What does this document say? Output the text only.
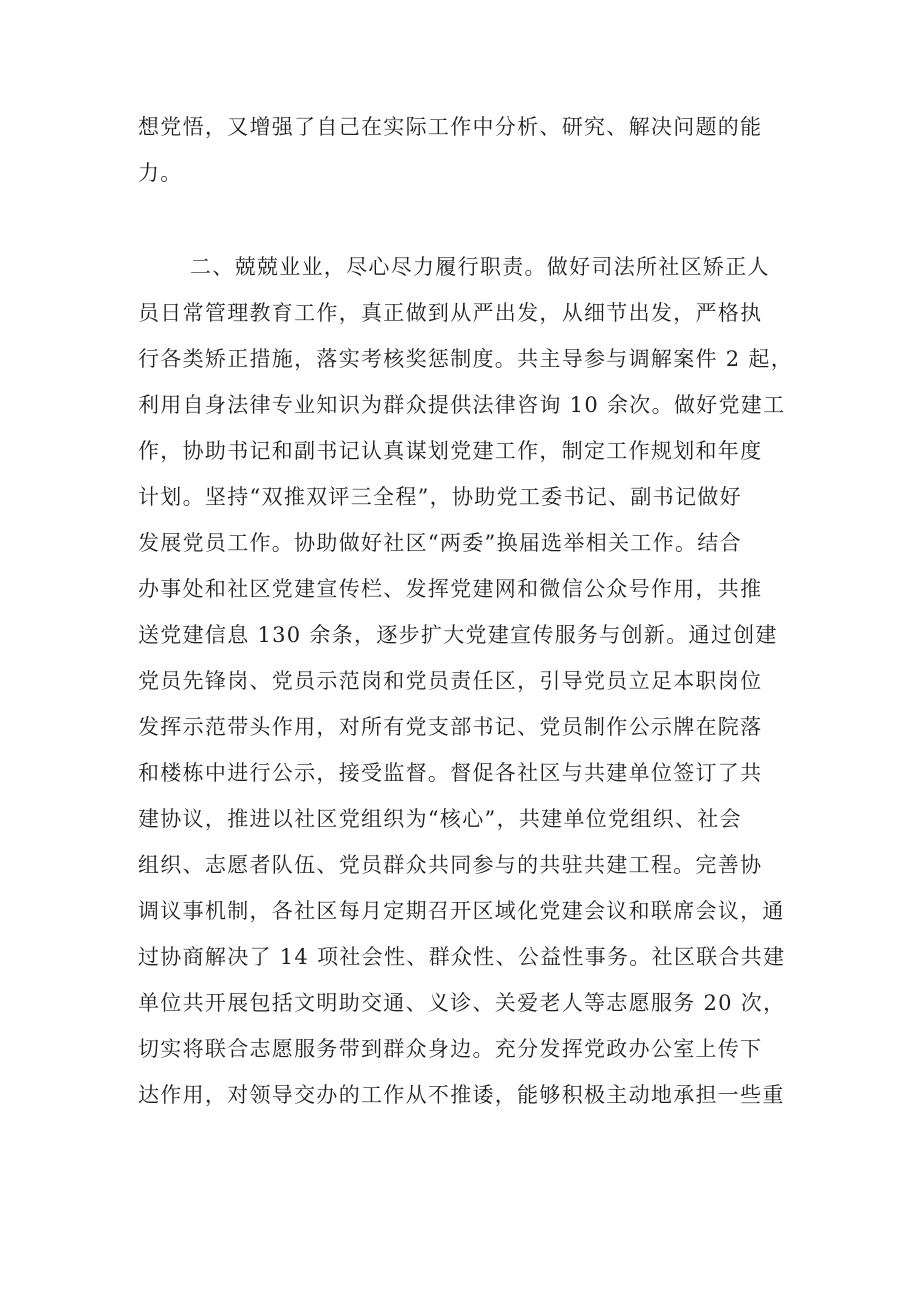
想党悟，又增强了自己在实际工作中分析、研究、解决问题的能
力。
二、兢兢业业，尽心尽力履行职责。做好司法所社区矫正人
员日常管理教育工作，真正做到从严出发，从细节出发，严格执
行各类矫正措施，落实考核奖惩制度。共主导参与调解案件 2 起，
利用自身法律专业知识为群众提供法律咨询 10 余次。做好党建工
作，协助书记和副书记认真谋划党建工作，制定工作规划和年度
计划。坚持“双推双评三全程”，协助党工委书记、副书记做好
发展党员工作。协助做好社区“两委”换届选举相关工作。结合
办事处和社区党建宣传栏、发挥党建网和微信公众号作用，共推
送党建信息 130 余条，逐步扩大党建宣传服务与创新。通过创建
党员先锋岗、党员示范岗和党员责任区，引导党员立足本职岗位
发挥示范带头作用，对所有党支部书记、党员制作公示牌在院落
和楼栋中进行公示，接受监督。督促各社区与共建单位签订了共
建协议，推进以社区党组织为“核心”，共建单位党组织、社会
组织、志愿者队伍、党员群众共同参与的共驻共建工程。完善协
调议事机制，各社区每月定期召开区域化党建会议和联席会议，通
过协商解决了 14 项社会性、群众性、公益性事务。社区联合共建
单位共开展包括文明助交通、义诊、关爱老人等志愿服务 20 次，
切实将联合志愿服务带到群众身边。充分发挥党政办公室上传下
达作用，对领导交办的工作从不推诿，能够积极主动地承担一些重
